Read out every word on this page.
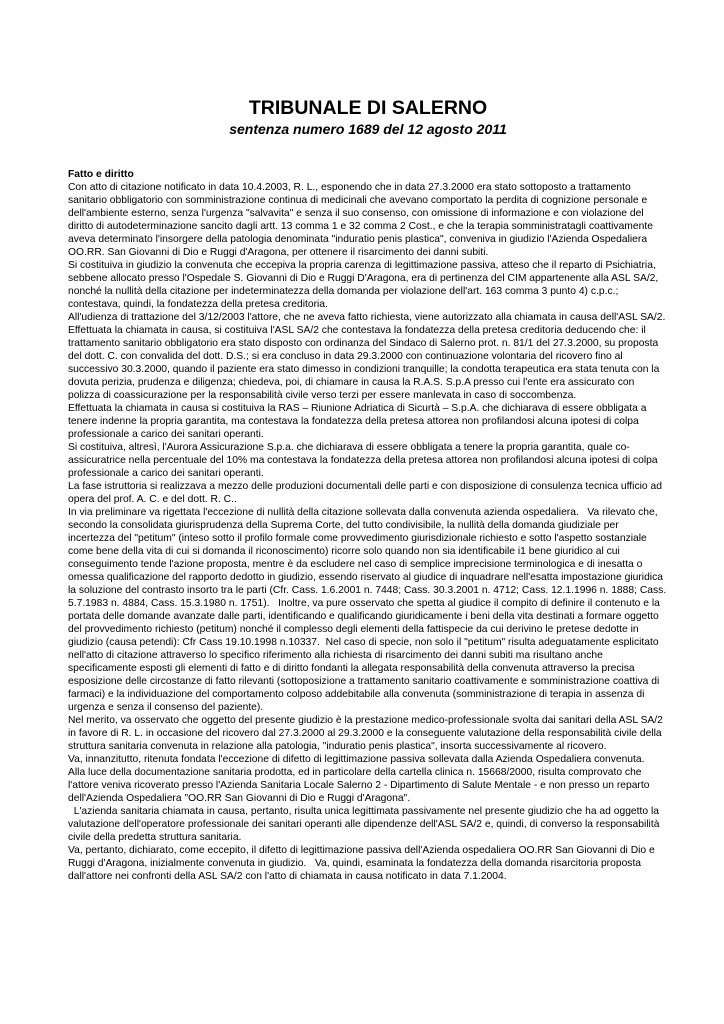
TRIBUNALE DI SALERNO

sentenza numero 1689 del 12 agosto 2011

Fatto e diritto

Con atto di citazione notificato in data 10.4.2003, R. L., esponendo che in data 27.3.2000 era stato sottoposto a trattamento sanitario obbligatorio con somministrazione continua di medicinali che avevano comportato la perdita di cognizione personale e dell'ambiente esterno, senza l'urgenza "salvavita" e senza il suo consenso, con omissione di informazione e con violazione del diritto di autodeterminazione sancito dagli artt. 13 comma 1 e 32 comma 2 Cost., e che la terapia somministratagli coattivamente aveva determinato l'insorgere della patologia denominata "induratio penis plastica", conveniva in giudizio l'Azienda Ospedaliera OO.RR. San Giovanni di Dio e Ruggi d'Aragona, per ottenere il risarcimento dei danni subiti.

Si costituiva in giudizio la convenuta che eccepiva la propria carenza di legittimazione passiva, atteso che il reparto di Psichiatria, sebbene allocato presso l'Ospedale S. Giovanni di Dio e Ruggi D'Aragona, era di pertinenza del CIM appartenente alla ASL SA/2, nonché la nullità della citazione per indeterminatezza della domanda per violazione dell'art. 163 comma 3 punto 4) c.p.c.; contestava, quindi, la fondatezza della pretesa creditoria.

All'udienza di trattazione del 3/12/2003 l'attore, che ne aveva fatto richiesta, viene autorizzato alla chiamata in causa dell'ASL SA/2.  Effettuata la chiamata in causa, si costituiva l'ASL SA/2 che contestava la fondatezza della pretesa creditoria deducendo che: il trattamento sanitario obbligatorio era stato disposto con ordinanza del Sindaco di Salerno prot. n. 81/1 del 27.3.2000, su proposta del dott. C. con convalida del dott. D.S.; si era concluso in data 29.3.2000 con continuazione volontaria del ricovero fino al successivo 30.3.2000, quando il paziente era stato dimesso in condizioni tranquille; la condotta terapeutica era stata tenuta con la dovuta perizia, prudenza e diligenza; chiedeva, poi, di chiamare in causa la R.A.S. S.p.A presso cui l'ente era assicurato con polizza di coassicurazione per la responsabilità civile verso terzi per essere manlevata in caso di soccombenza.

Effettuata la chiamata in causa si costituiva la RAS – Riunione Adriatica di Sicurtà – S.p.A. che dichiarava di essere obbligata a tenere indenne la propria garantita, ma contestava la fondatezza della pretesa attorea non profilandosi alcuna ipotesi di colpa professionale a carico dei sanitari operanti.

Si costituiva, altresì, l'Aurora Assicurazione S.p.a. che dichiarava di essere obbligata a tenere la propria garantita, quale co-assicuratrice nella percentuale del 10% ma contestava la fondatezza della pretesa attorea non profilandosi alcuna ipotesi di colpa professionale a carico dei sanitari operanti.

La fase istruttoria si realizzava a mezzo delle produzioni documentali delle parti e con disposizione di consulenza tecnica ufficio ad opera del prof. A. C. e del dott. R. C..

In via preliminare va rigettata l'eccezione di nullità della citazione sollevata dalla convenuta azienda ospedaliera.   Va rilevato che, secondo la consolidata giurisprudenza della Suprema Corte, del tutto condivisibile, la nullità della domanda giudiziale per incertezza del "petitum" (inteso sotto il profilo formale come provvedimento giurisdizionale richiesto e sotto l'aspetto sostanziale come bene della vita di cui si domanda il riconoscimento) ricorre solo quando non sia identificabile i1 bene giuridico al cui conseguimento tende l'azione proposta, mentre è da escludere nel caso di semplice imprecisione terminologica e di inesatta o omessa qualificazione del rapporto dedotto in giudizio, essendo riservato al giudice di inquadrare nell'esatta impostazione giuridica la soluzione del contrasto insorto tra le parti (Cfr. Cass. 1.6.2001 n. 7448; Cass. 30.3.2001 n. 4712; Cass. 12.1.1996 n. 1888; Cass. 5.7.1983 n. 4884, Cass. 15.3.1980 n. 1751).   Inoltre, va pure osservato che spetta al giudice il compito di definire il contenuto e la portata delle domande avanzate dalle parti, identificando e qualificando giuridicamente i beni della vita destinati a formare oggetto del provvedimento richiesto (petitum) nonché il complesso degli elementi della fattispecie da cui derivino le pretese dedotte in giudizio (causa petendi): Cfr Cass 19.10.1998 n.10337.  Nel caso di specie, non solo il "petitum" risulta adeguatamente esplicitato nell'atto di citazione attraverso lo specifico riferimento alla richiesta di risarcimento dei danni subiti ma risultano anche specificamente esposti gli elementi di fatto e di diritto fondanti la allegata responsabilità della convenuta attraverso la precisa esposizione delle circostanze di fatto rilevanti (sottoposizione a trattamento sanitario coattivamente e somministrazione coattiva di farmaci) e la individuazione del comportamento colposo addebitabile alla convenuta (somministrazione di terapia in assenza di urgenza e senza il consenso del paziente).

Nel merito, va osservato che oggetto del presente giudizio è la prestazione medico-professionale svolta dai sanitari della ASL SA/2 in favore di R. L. in occasione del ricovero dal 27.3.2000 al 29.3.2000 e la conseguente valutazione della responsabilità civile della struttura sanitaria convenuta in relazione alla patologia, "induratio penis plastica", insorta successivamente al ricovero.

Va, innanzitutto, ritenuta fondata l'eccezione di difetto di legittimazione passiva sollevata dalla Azienda Ospedaliera convenuta.   Alla luce della documentazione sanitaria prodotta, ed in particolare della cartella clinica n. 15668/2000, risulta comprovato che l'attore veniva ricoverato presso l'Azienda Sanitaria Locale Salerno 2 - Dipartimento di Salute Mentale - e non presso un reparto dell'Azienda Ospedaliera "OO.RR San Giovanni di Dio e Ruggi d'Aragona".

L'azienda sanitaria chiamata in causa, pertanto, risulta unica legittimata passivamente nel presente giudizio che ha ad oggetto la valutazione dell'operatore professionale dei sanitari operanti alle dipendenze dell'ASL SA/2 e, quindi, di converso la responsabilità civile della predetta struttura sanitaria.

Va, pertanto, dichiarato, come eccepito, il difetto di legittimazione passiva dell'Azienda ospedaliera OO.RR San Giovanni di Dio e Ruggi d'Aragona, inizialmente convenuta in giudizio.   Va, quindi, esaminata la fondatezza della domanda risarcitoria proposta dall'attore nei confronti della ASL SA/2 con l'atto di chiamata in causa notificato in data 7.1.2004.
